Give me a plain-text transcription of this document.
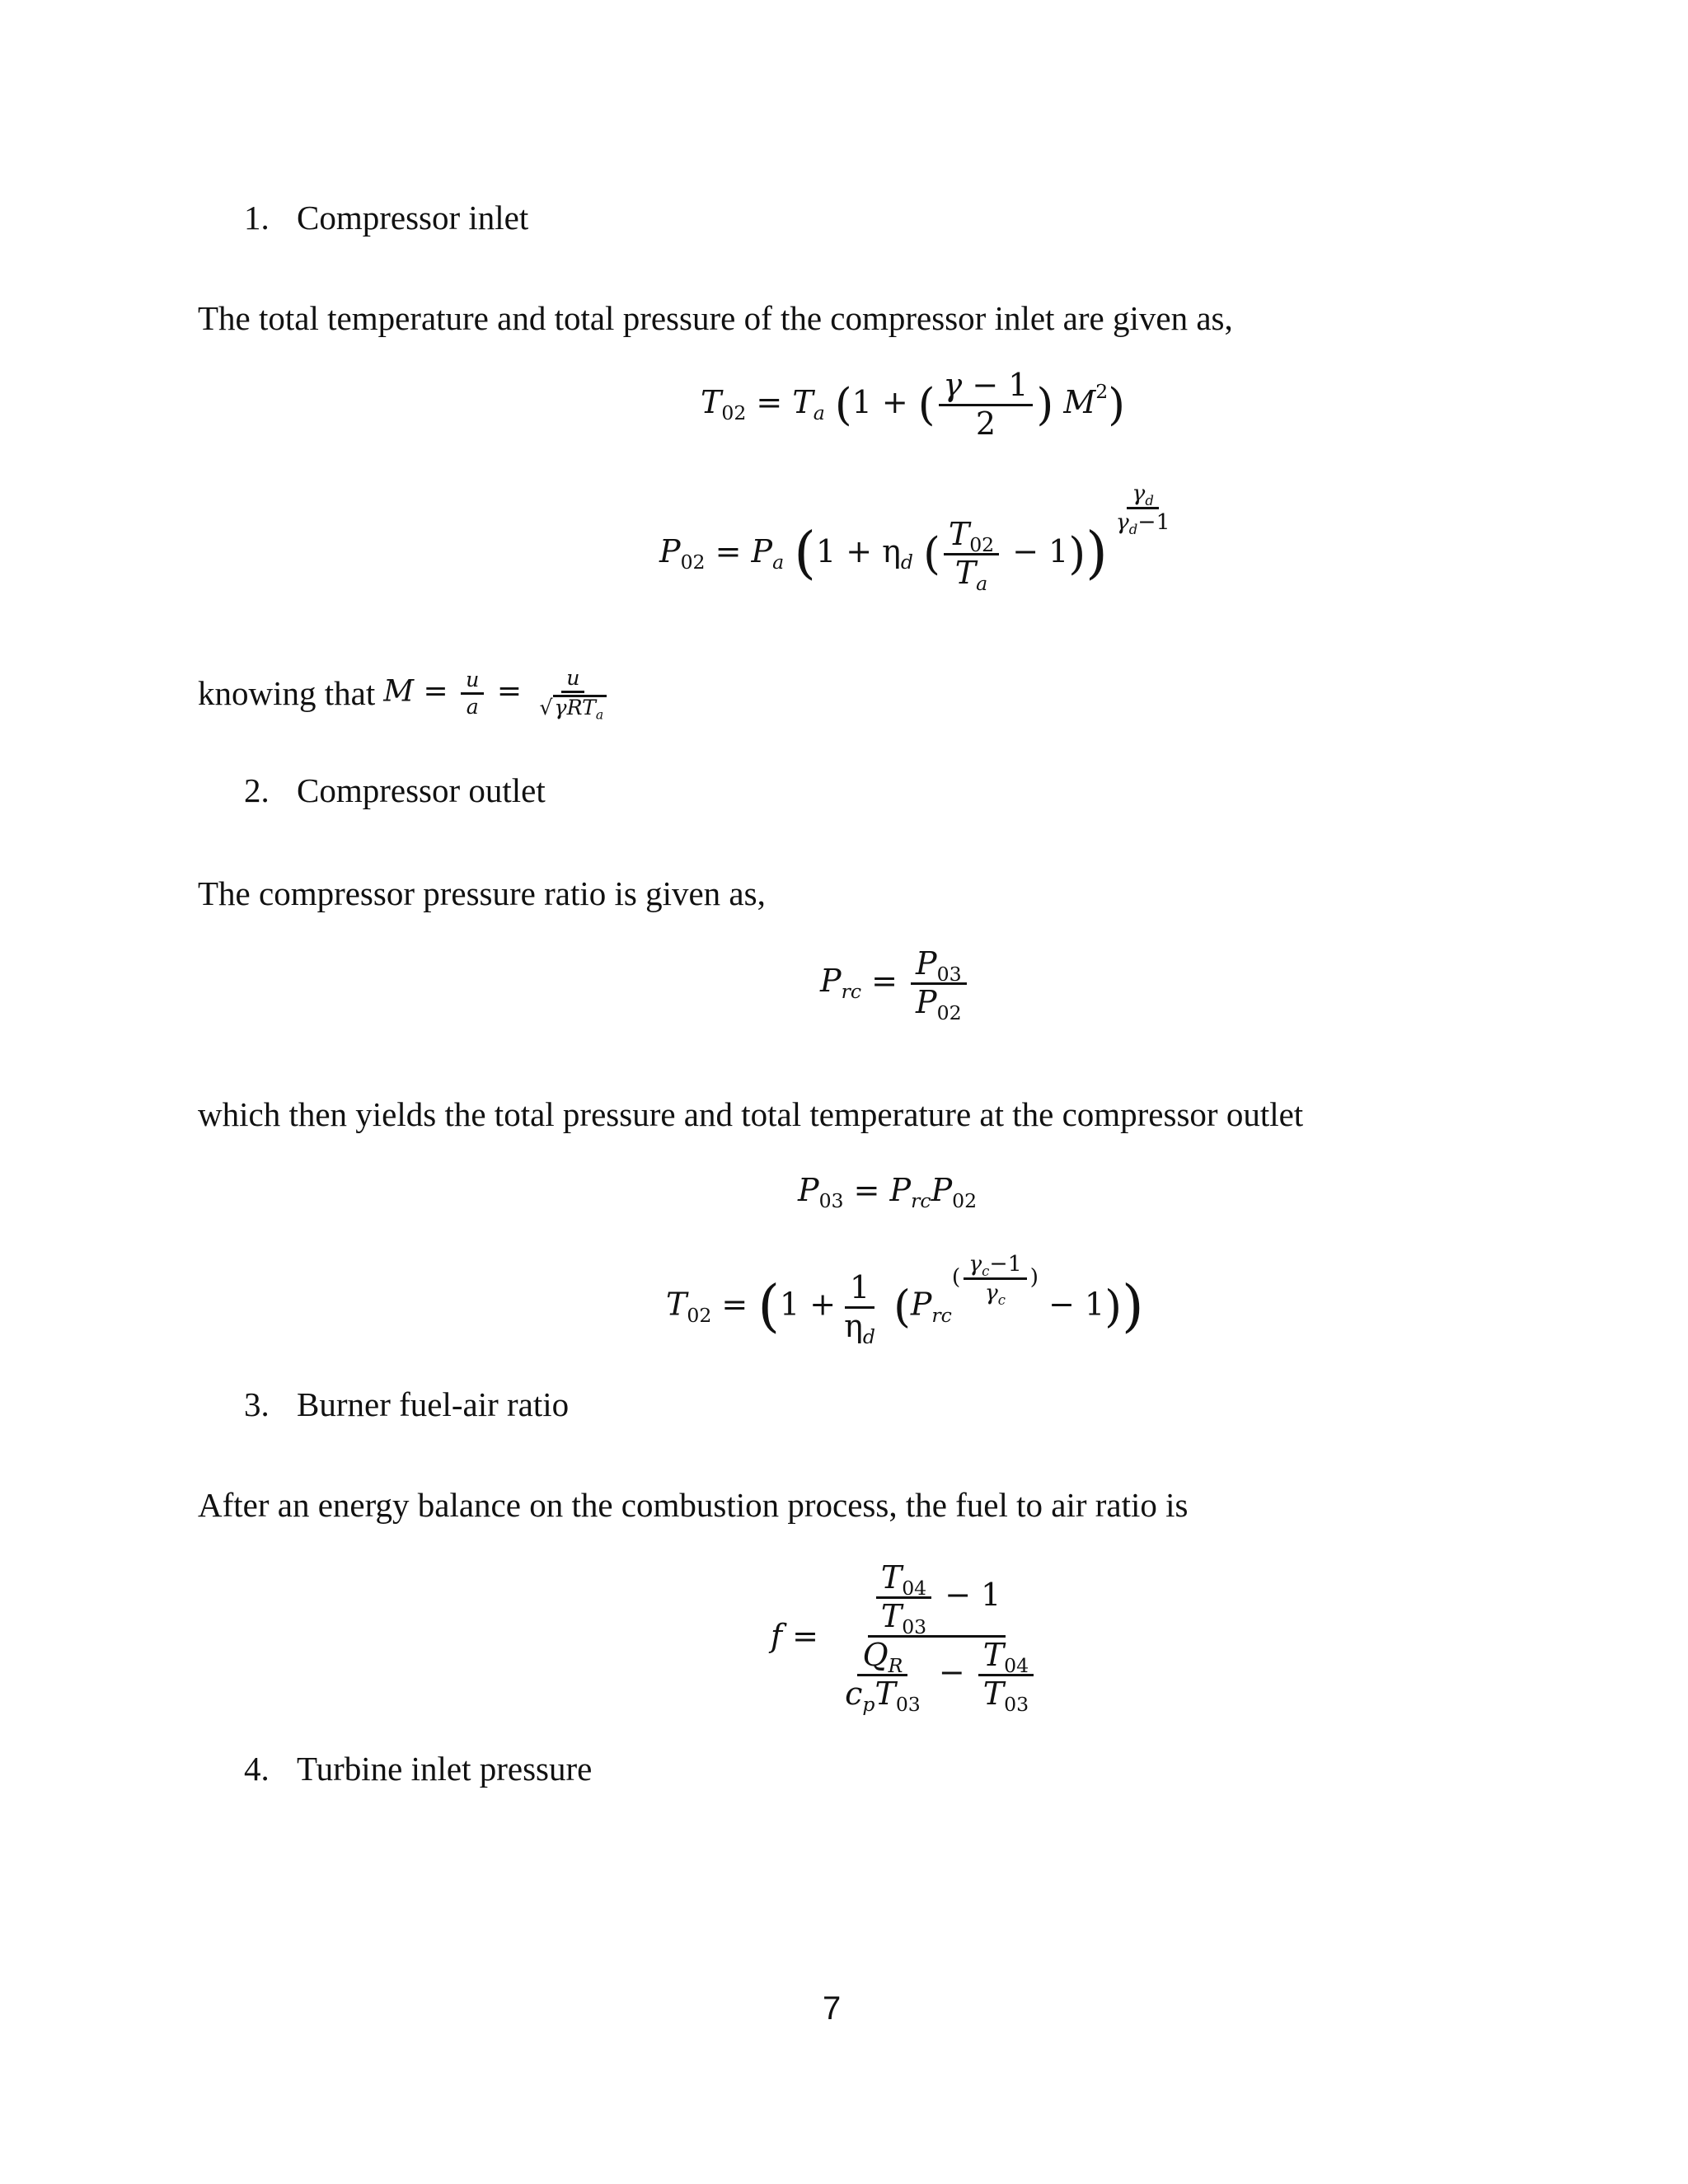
1. Compressor inlet
The total temperature and total pressure of the compressor inlet are given as,
$T_{02} = T_a$ (1 + ( $\frac{\gamma - 1}{2}$ ) $M^2$)
$P_{02} = P_a$ ($1 + \eta_d$ ( $\frac{T_{02}}{T_a} - 1$))
$^{\frac{\gamma_d}{\gamma_d-1}}$
knowing that $M = \frac{u}{a} = \frac{u}{√\gamma RT_a}$
2. Compressor outlet
The compressor pressure ratio is given as,
$P_{rc} = \frac{P_{03}}{P_{02}}$
which then yields the total pressure and total temperature at the compressor outlet
$P_{03} = P_{rc}P_{02}$
$T_{02} = (1 + \frac{1}{\eta_d} (P_{rc}^{( \frac{\gamma_c-1}{\gamma_c} )} - 1))$
3. Burner fuel-air ratio
After an energy balance on the combustion process, the fuel to air ratio is
$f = \frac{\frac{T_{04}}{T_{03}} - 1}{\frac{Q_R}{c_pT_{03}} - \frac{T_{04}}{T_{03}}}$
4. Turbine inlet pressure
7
